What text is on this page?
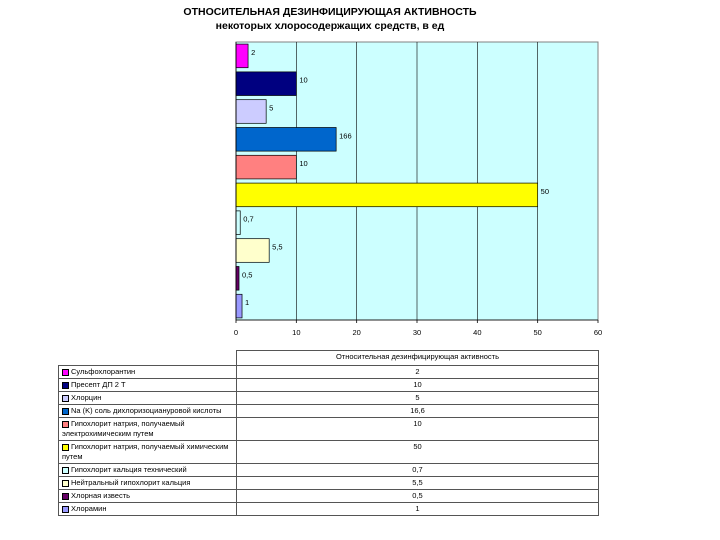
ОТНОСИТЕЛЬНАЯ ДЕЗИНФИЦИРУЮЩАЯ АКТИВНОСТЬ
некоторых хлоросодержащих средств, в ед
2
10
5
166
10
50
0,7
5,5
0,5
1
0	10	20	30	40	50	60
	Относительная дезинфицирующая активность
Сульфохлорантин	2
Пресепт ДП 2 Т	10
Хлорцин	5
Na (K) соль дихлоризоциануровой кислоты	16,6
Гипохлорит натрия, получаемый электрохимическим путем	10
Гипохлорит натрия, получаемый химическим путем	50
Гипохлорит кальция технический	0,7
Нейтральный гипохлорит кальция	5,5
Хлорная известь	0,5
Хлорамин	1
